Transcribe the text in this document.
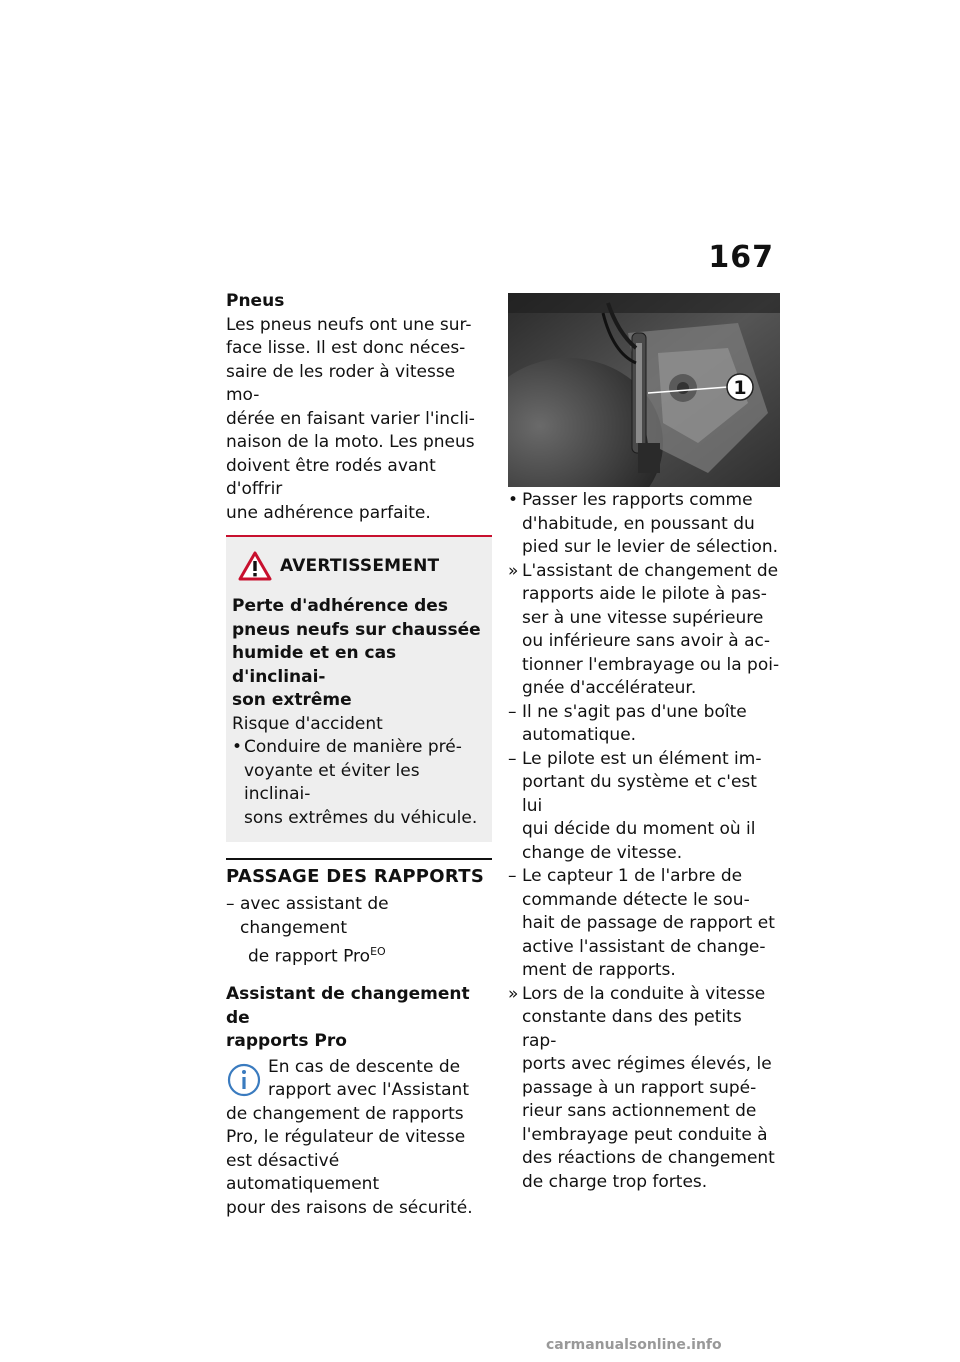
167
Pneus
Les pneus neufs ont une sur-
face lisse. Il est donc néces-
saire de les roder à vitesse mo-
dérée en faisant varier l'incli-
naison de la moto. Les pneus
doivent être rodés avant d'offrir
une adhérence parfaite.
AVERTISSEMENT
Perte d'adhérence des
pneus neufs sur chaussée
humide et en cas d'inclinai-
son extrême
Risque d'accident
• Conduire de manière pré-
voyante et éviter les inclinai-
sons extrêmes du véhicule.
PASSAGE DES RAPPORTS
– avec assistant de changement
de rapport Pro$^{EO}$
Assistant de changement de
rapports Pro
En cas de descente de
rapport avec l'Assistant
de changement de rapports
Pro, le régulateur de vitesse
est désactivé automatiquement
pour des raisons de sécurité.
1
• Passer les rapports comme
d'habitude, en poussant du
pied sur le levier de sélection.
» L'assistant de changement de
rapports aide le pilote à pas-
ser à une vitesse supérieure
ou inférieure sans avoir à ac-
tionner l'embrayage ou la poi-
gnée d'accélérateur.
– Il ne s'agit pas d'une boîte
automatique.
– Le pilote est un élément im-
portant du système et c'est lui
qui décide du moment où il
change de vitesse.
– Le capteur 1 de l'arbre de
commande détecte le sou-
hait de passage de rapport et
active l'assistant de change-
ment de rapports.
» Lors de la conduite à vitesse
constante dans des petits rap-
ports avec régimes élevés, le
passage à un rapport supé-
rieur sans actionnement de
l'embrayage peut conduite à
des réactions de changement
de charge trop fortes.
carmanualsonline.info
